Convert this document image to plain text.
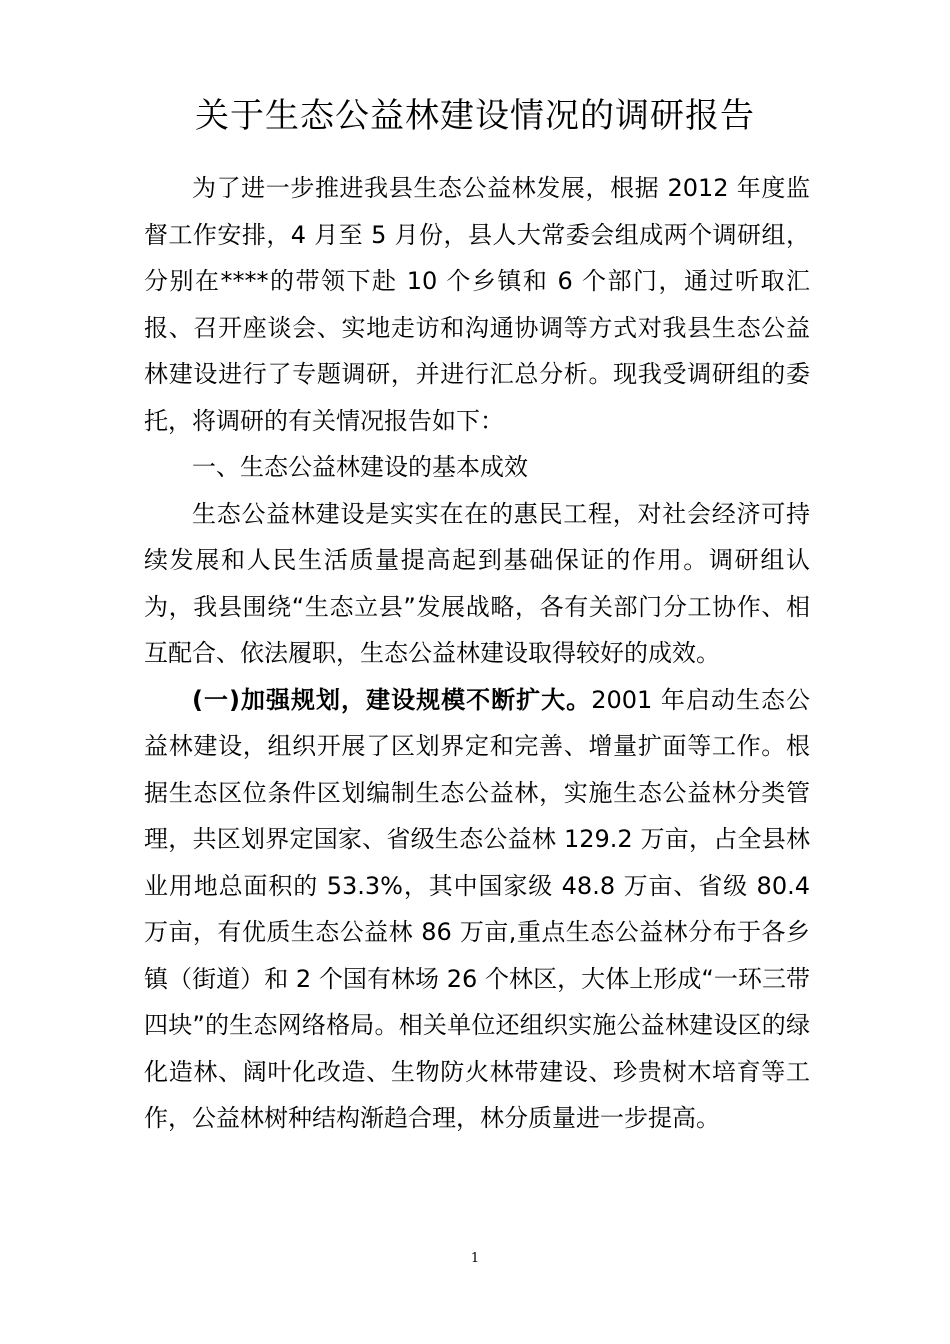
关于生态公益林建设情况的调研报告

为了进一步推进我县生态公益林发展，根据 2012 年度监督工作安排，4 月至 5 月份，县人大常委会组成两个调研组，分别在****的带领下赴 10 个乡镇和 6 个部门，通过听取汇报、召开座谈会、实地走访和沟通协调等方式对我县生态公益林建设进行了专题调研，并进行汇总分析。现我受调研组的委托，将调研的有关情况报告如下：

一、生态公益林建设的基本成效

生态公益林建设是实实在在的惠民工程，对社会经济可持续发展和人民生活质量提高起到基础保证的作用。调研组认为，我县围绕“生态立县”发展战略，各有关部门分工协作、相互配合、依法履职，生态公益林建设取得较好的成效。

(一)加强规划，建设规模不断扩大。2001 年启动生态公益林建设，组织开展了区划界定和完善、增量扩面等工作。根据生态区位条件区划编制生态公益林，实施生态公益林分类管理，共区划界定国家、省级生态公益林 129.2 万亩，占全县林业用地总面积的 53.3%，其中国家级 48.8 万亩、省级 80.4 万亩，有优质生态公益林 86 万亩,重点生态公益林分布于各乡镇（街道）和 2 个国有林场 26 个林区，大体上形成“一环三带四块”的生态网络格局。相关单位还组织实施公益林建设区的绿化造林、阔叶化改造、生物防火林带建设、珍贵树木培育等工作，公益林树种结构渐趋合理，林分质量进一步提高。

1
